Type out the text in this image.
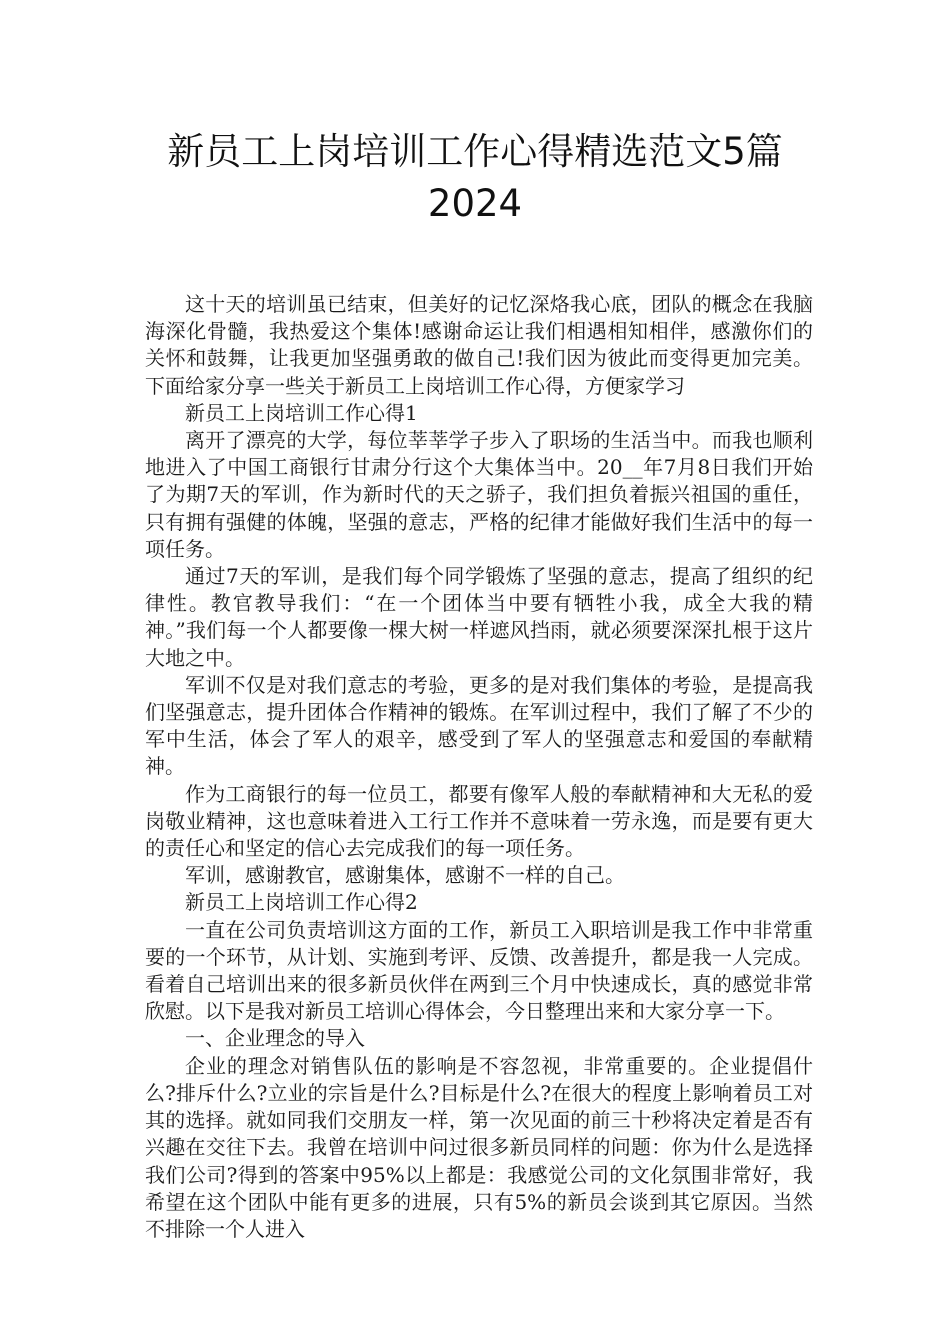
新员工上岗培训工作心得精选范文5篇
2024

这十天的培训虽已结束，但美好的记忆深烙我心底，团队的概念在我脑海深化骨髓，我热爱这个集体!感谢命运让我们相遇相知相伴，感激你们的关怀和鼓舞，让我更加坚强勇敢的做自己!我们因为彼此而变得更加完美。下面给家分享一些关于新员工上岗培训工作心得，方便家学习

新员工上岗培训工作心得1

离开了漂亮的大学，每位莘莘学子步入了职场的生活当中。而我也顺利地进入了中国工商银行甘肃分行这个大集体当中。20__年7月8日我们开始了为期7天的军训，作为新时代的天之骄子，我们担负着振兴祖国的重任，只有拥有强健的体魄，坚强的意志，严格的纪律才能做好我们生活中的每一项任务。

通过7天的军训，是我们每个同学锻炼了坚强的意志，提高了组织的纪律性。教官教导我们：“在一个团体当中要有牺牲小我，成全大我的精神。”我们每一个人都要像一棵大树一样遮风挡雨，就必须要深深扎根于这片大地之中。

军训不仅是对我们意志的考验，更多的是对我们集体的考验，是提高我们坚强意志，提升团体合作精神的锻炼。在军训过程中，我们了解了不少的军中生活，体会了军人的艰辛，感受到了军人的坚强意志和爱国的奉献精神。

作为工商银行的每一位员工，都要有像军人般的奉献精神和大无私的爱岗敬业精神，这也意味着进入工行工作并不意味着一劳永逸，而是要有更大的责任心和坚定的信心去完成我们的每一项任务。

军训，感谢教官，感谢集体，感谢不一样的自己。

新员工上岗培训工作心得2

一直在公司负责培训这方面的工作，新员工入职培训是我工作中非常重要的一个环节，从计划、实施到考评、反馈、改善提升，都是我一人完成。看着自己培训出来的很多新员伙伴在两到三个月中快速成长，真的感觉非常欣慰。以下是我对新员工培训心得体会，今日整理出来和大家分享一下。

一、企业理念的导入

企业的理念对销售队伍的影响是不容忽视，非常重要的。企业提倡什么?排斥什么?立业的宗旨是什么?目标是什么?在很大的程度上影响着员工对其的选择。就如同我们交朋友一样，第一次见面的前三十秒将决定着是否有兴趣在交往下去。我曾在培训中问过很多新员同样的问题：你为什么是选择我们公司?得到的答案中95%以上都是：我感觉公司的文化氛围非常好，我希望在这个团队中能有更多的进展，只有5%的新员会谈到其它原因。当然不排除一个人进入
